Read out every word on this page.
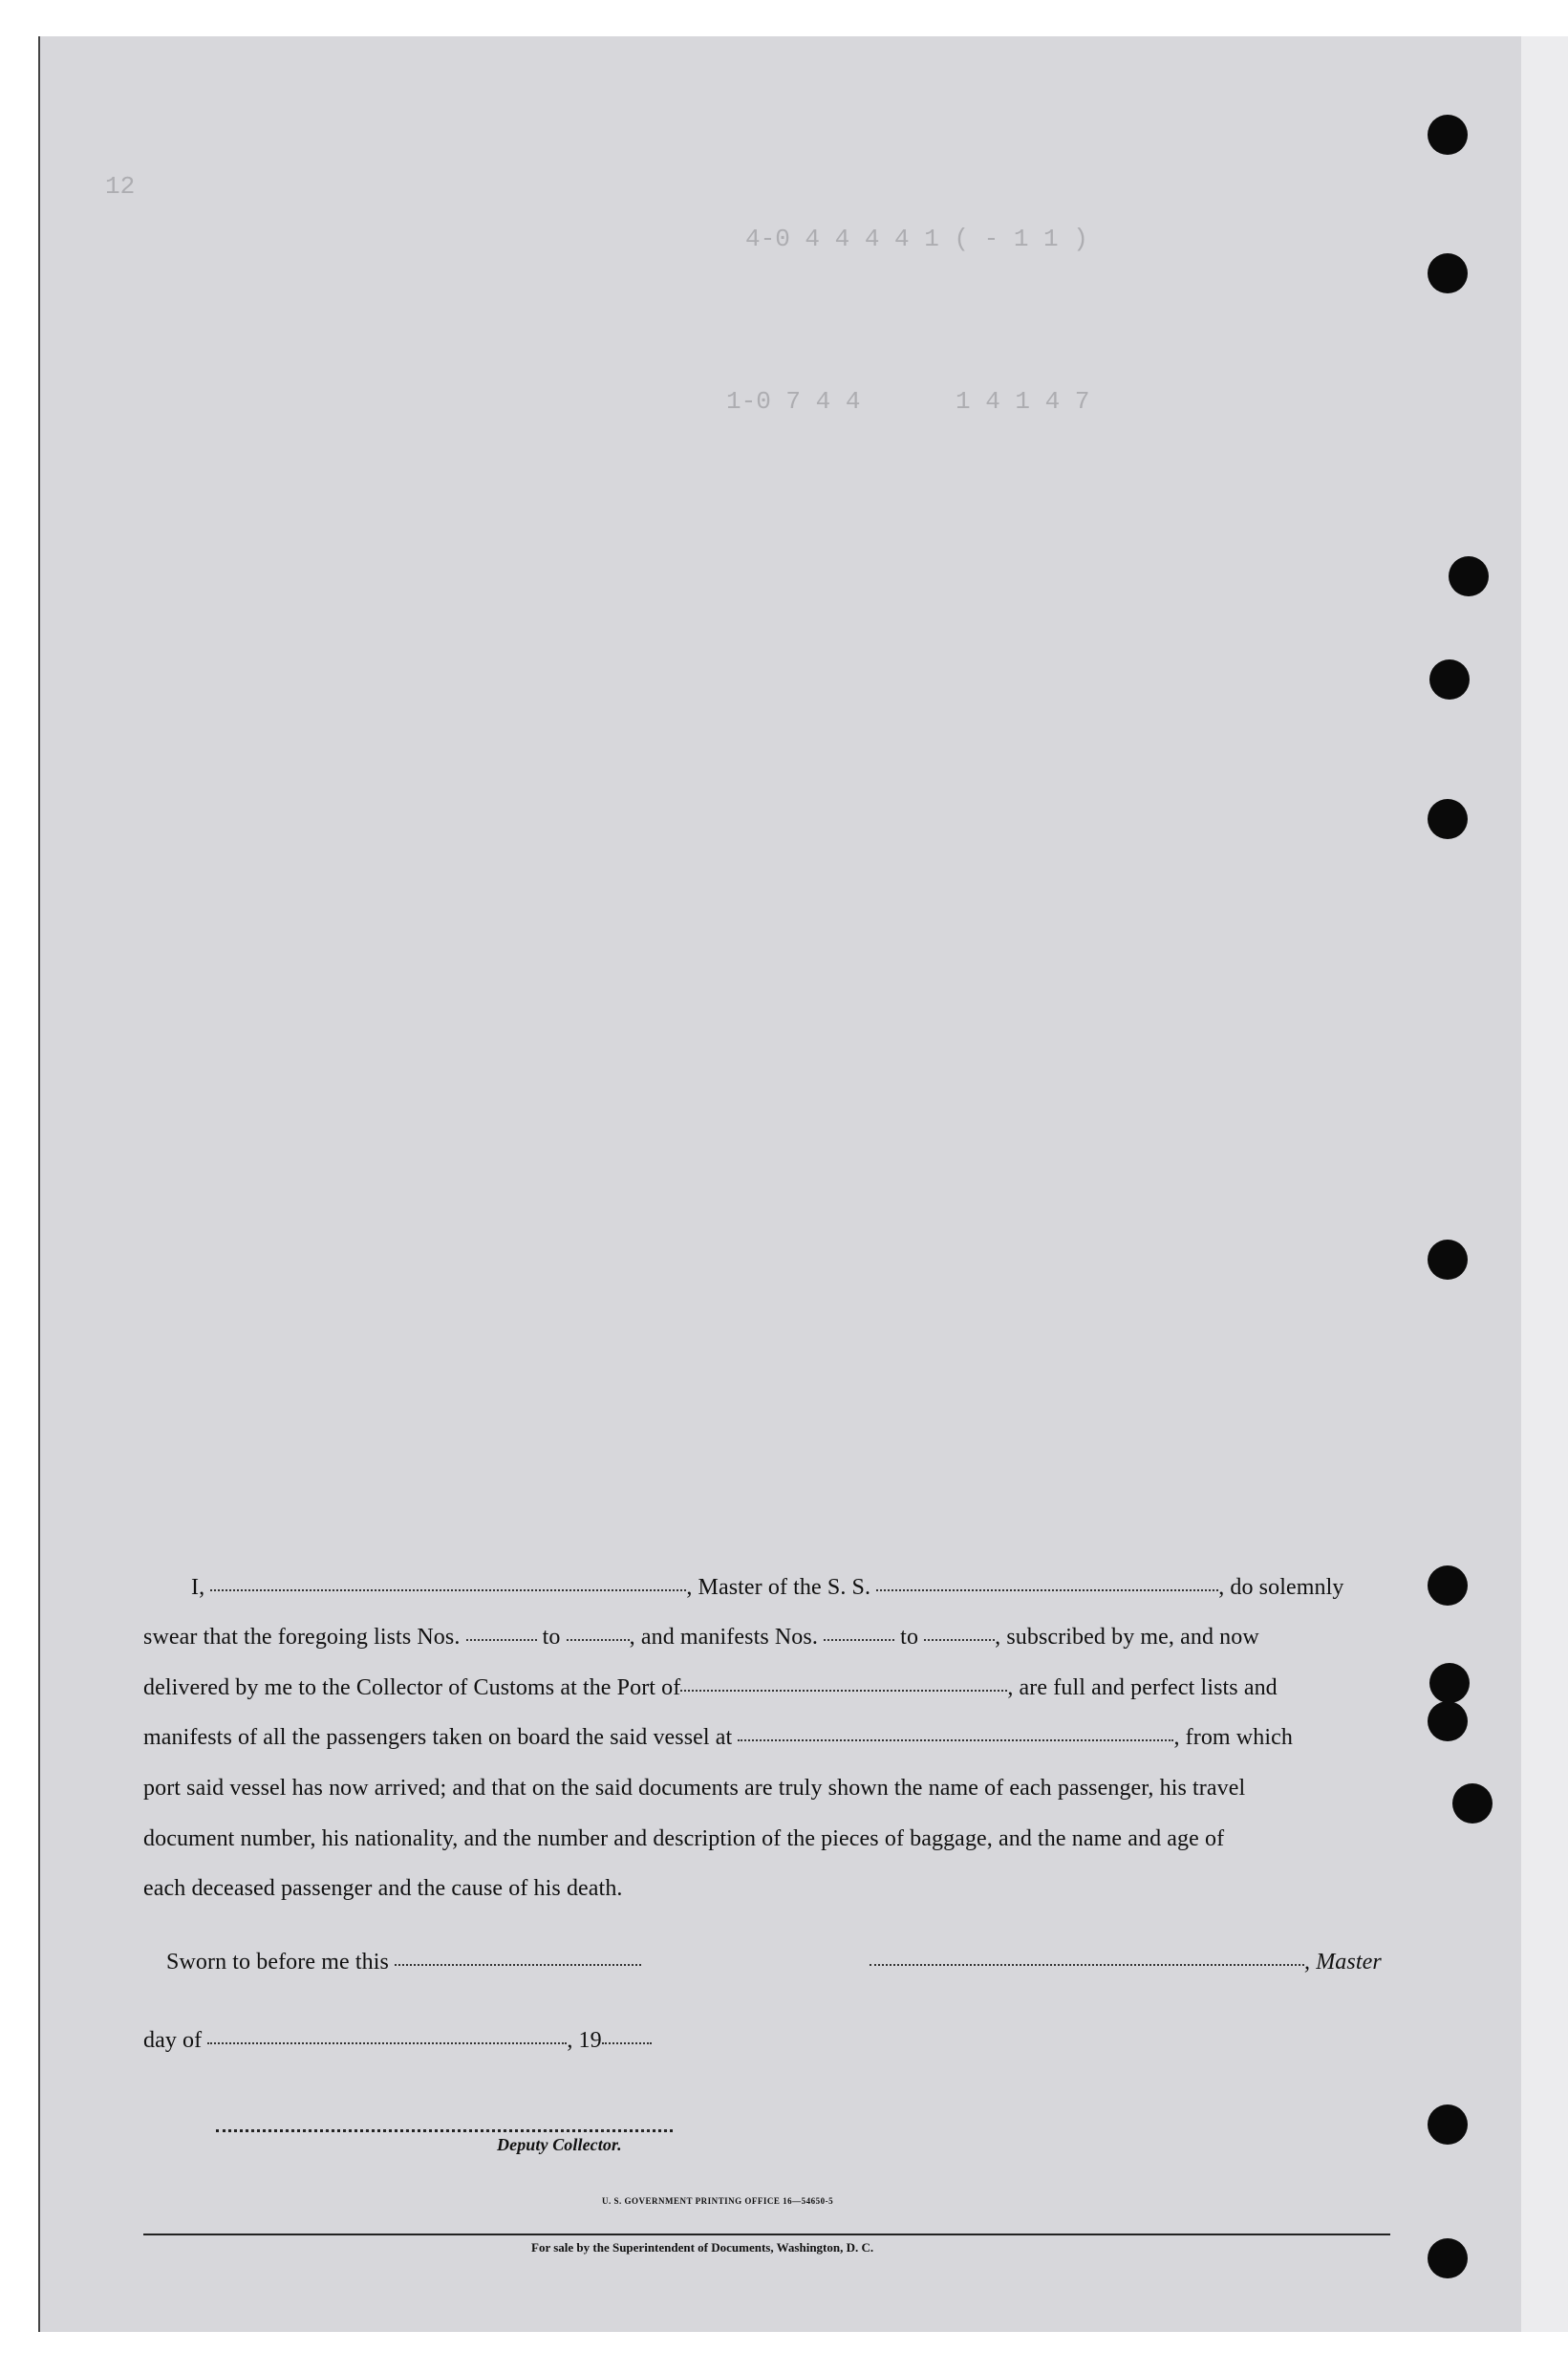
12
4-0 4 4 4 4 1 ( - 1 1 )
1-0 7 4 4	1 4 1 4 7
I,	, Master of the S. S.	, do solemnly
swear that the foregoing lists Nos.	to	, and manifests Nos.	to	, subscribed by me, and now
delivered by me to the Collector of Customs at the Port of	, are full and perfect lists and
manifests of all the passengers taken on board the said vessel at	, from which
port said vessel has now arrived; and that on the said documents are truly shown the name of each passenger, his travel
document number, his nationality, and the number and description of the pieces of baggage, and the name and age of
each deceased passenger and the cause of his death.
Sworn to before me this	, Master
day of	, 19
Deputy Collector.
U. S. GOVERNMENT PRINTING OFFICE 16—54650-5
For sale by the Superintendent of Documents, Washington, D. C.
